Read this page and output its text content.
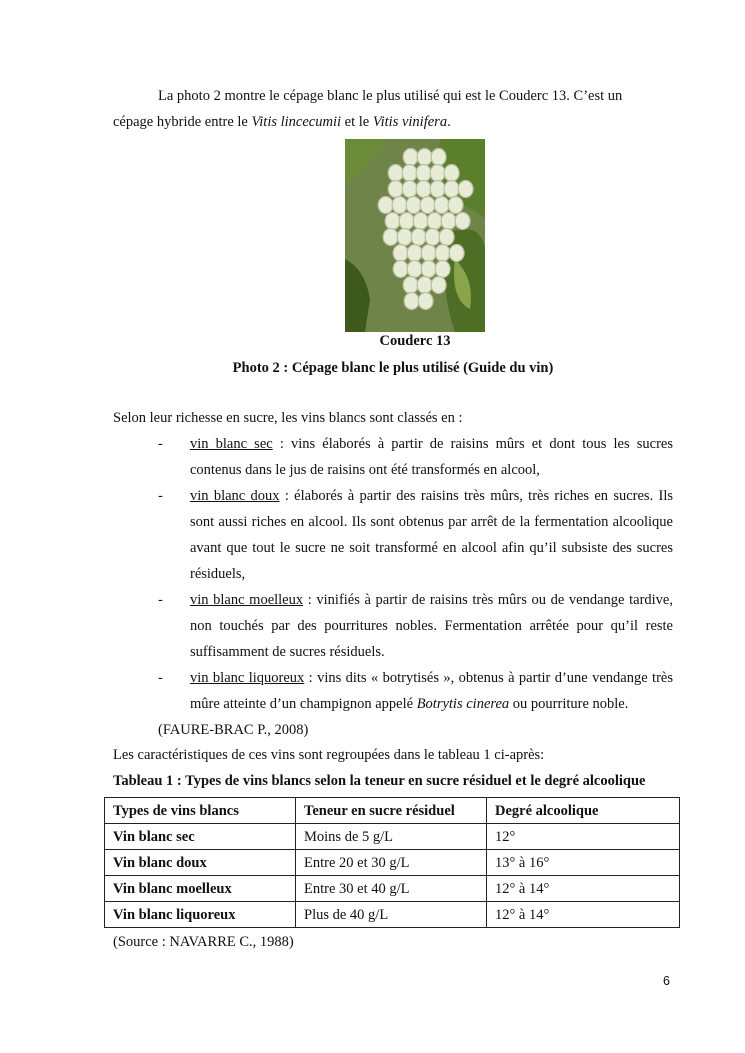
La photo 2 montre le cépage blanc le plus utilisé qui est le Couderc 13. C’est un

cépage hybride entre le Vitis lincecumii et le Vitis vinifera.

Couderc 13
Photo 2 : Cépage blanc le plus utilisé (Guide du vin)

Selon leur richesse en sucre, les vins blancs sont classés en :

-	vin blanc sec : vins élaborés à partir de raisins mûrs et dont tous les sucres contenus dans le jus de raisins ont été transformés en alcool,

-	vin blanc doux : élaborés à partir des raisins très mûrs, très riches en sucres. Ils sont aussi riches en alcool. Ils sont obtenus par arrêt de la fermentation alcoolique avant que tout le sucre ne soit transformé en alcool afin qu’il subsiste des sucres résiduels,

-	vin blanc moelleux : vinifiés à partir de raisins très mûrs ou de vendange tardive, non touchés par des pourritures nobles. Fermentation arrêtée pour qu’il reste suffisamment de sucres résiduels.

-	vin blanc liquoreux : vins dits « botrytisés », obtenus à partir d’une vendange très mûre atteinte d’un champignon appelé Botrytis cinerea ou pourriture noble.

(FAURE-BRAC P., 2008)

Les caractéristiques de ces vins sont regroupées dans le tableau 1 ci-après:

Tableau 1 : Types de vins blancs selon la teneur en sucre résiduel et le degré alcoolique

Types de vins blancs	Teneur en sucre résiduel	Degré alcoolique
Vin blanc sec	Moins de 5 g/L	12°
Vin blanc doux	Entre 20 et 30 g/L	13° à 16°
Vin blanc moelleux	Entre 30 et 40 g/L	12° à 14°
Vin blanc liquoreux	Plus de 40 g/L	12° à 14°

(Source : NAVARRE C., 1988)

6
